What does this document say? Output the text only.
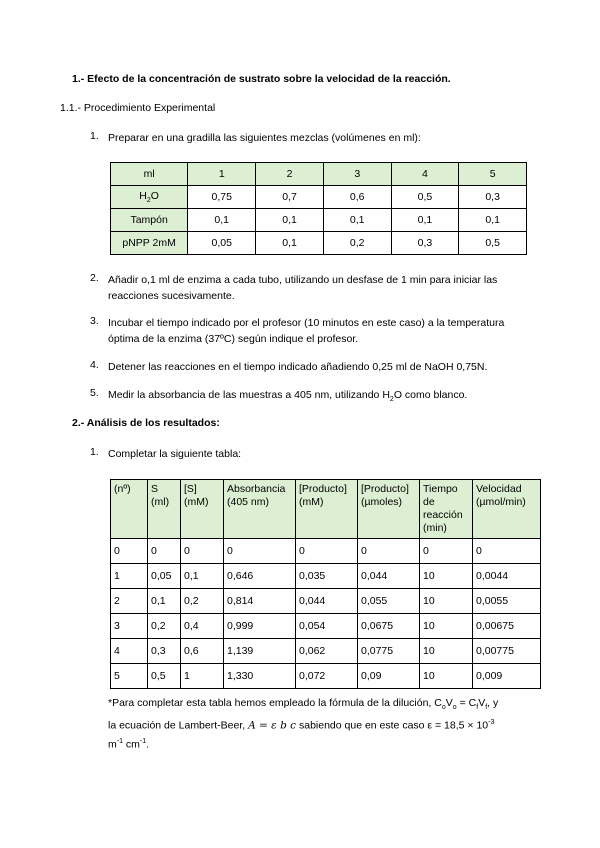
1.- Efecto de la concentración de sustrato sobre la velocidad de la reacción.
1.1.- Procedimiento Experimental
1. Preparar en una gradilla las siguientes mezclas (volúmenes en ml):
ml	1	2	3	4	5
$H_2O$	0,75	0,7	0,6	0,5	0,3
Tampón	0,1	0,1	0,1	0,1	0,1
pNPP 2mM	0,05	0,1	0,2	0,3	0,5
2. Añadir o,1 ml de enzima a cada tubo, utilizando un desfase de 1 min para iniciar las
reacciones sucesivamente.
3. Incubar el tiempo indicado por el profesor (10 minutos en este caso) a la temperatura
óptima de la enzima (37ºC) según indique el profesor.
4. Detener las reacciones en el tiempo indicado añadiendo 0,25 ml de NaOH 0,75N.
5. Medir la absorbancia de las muestras a 405 nm, utilizando $H_2O$ como blanco.
2.- Análisis de los resultados:
1. Completar la siguiente tabla:
(nº)	S (ml)	[S] (mM)	Absorbancia (405 nm)	[Producto] (mM)	[Producto] (µmoles)	Tiempo de reacción (min)	Velocidad (µmol/min)
0	0	0	0	0	0	0	0
1	0,05	0,1	0,646	0,035	0,044	10	0,0044
2	0,1	0,2	0,814	0,044	0,055	10	0,0055
3	0,2	0,4	0,999	0,054	0,0675	10	0,00675
4	0,3	0,6	1,139	0,062	0,0775	10	0,00775
5	0,5	1	1,330	0,072	0,09	10	0,009
*Para completar esta tabla hemos empleado la fórmula de la dilución, $C_oV_o = C_fV_f$, y
la ecuación de Lambert-Beer, A = ε b c sabiendo que en este caso $\varepsilon = 18,5 \times 10^{-3}$
$m^{-1}$ $cm^{-1}$.
